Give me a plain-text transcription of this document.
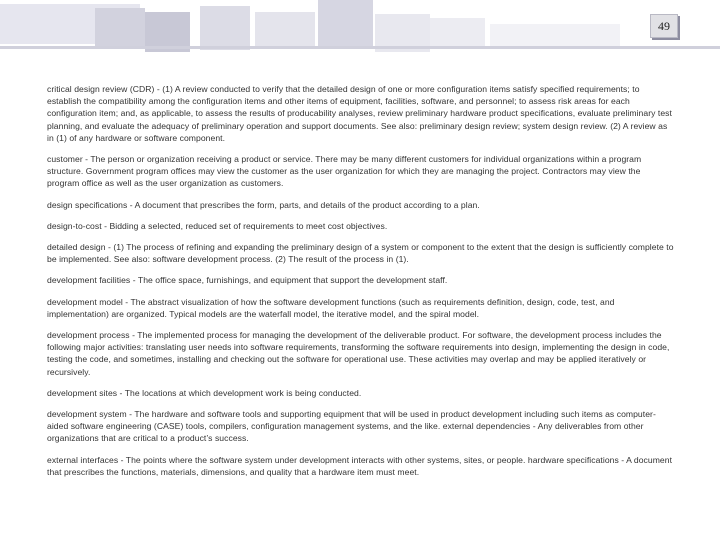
49

critical design review (CDR) - (1) A review conducted to verify that the detailed design of one or more configuration items satisfy specified requirements; to establish the compatibility among the configuration items and other items of equipment, facilities, software, and personnel; to assess risk areas for each configuration item; and, as applicable, to assess the results of producability analyses, review preliminary hardware product specifications, evaluate preliminary test planning, and evaluate the adequacy of preliminary operation and support documents. See also: preliminary design review; system design review. (2) A review as in (1) of any hardware or software component.

customer - The person or organization receiving a product or service. There may be many different customers for individual organizations within a program structure. Government program offices may view the customer as the user organization for which they are managing the project. Contractors may view the program office as well as the user organization as customers.

design specifications - A document that prescribes the form, parts, and details of the product according to a plan.

design-to-cost - Bidding a selected, reduced set of requirements to meet cost objectives.

detailed design - (1) The process of refining and expanding the preliminary design of a system or component to the extent that the design is sufficiently complete to be implemented. See also: software development process. (2) The result of the process in (1).

development facilities - The office space, furnishings, and equipment that support the development staff.

development model - The abstract visualization of how the software development functions (such as requirements definition, design, code, test, and implementation) are organized. Typical models are the waterfall model, the iterative model, and the spiral model.

development process - The implemented process for managing the development of the deliverable product. For software, the development process includes the following major activities: translating user needs into software requirements, transforming the software requirements into design, implementing the design in code, testing the code, and sometimes, installing and checking out the software for operational use. These activities may overlap and may be applied iteratively or recursively.

development sites - The locations at which development work is being conducted.

development system - The hardware and software tools and supporting equipment that will be used in product development including such items as computer-aided software engineering (CASE) tools, compilers, configuration management systems, and the like. external dependencies - Any deliverables from other organizations that are critical to a product’s success.

external interfaces - The points where the software system under development interacts with other systems, sites, or people. hardware specifications - A document that prescribes the functions, materials, dimensions, and quality that a hardware item must meet.
